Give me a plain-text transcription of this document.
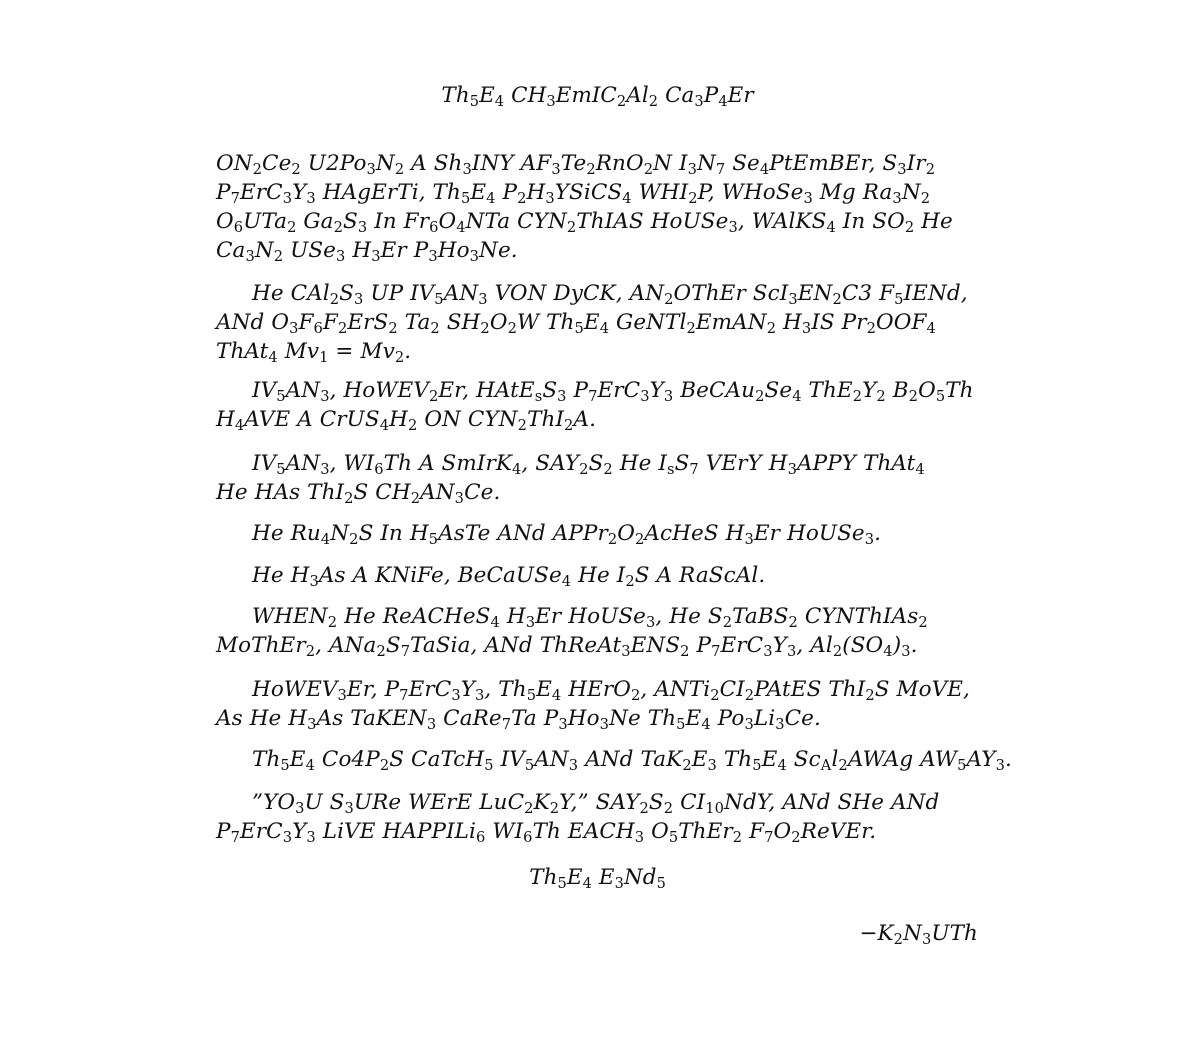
$Th_5E_4$ $CH_3EmIC_2Al_2$ $Ca_3P_4Er$
$ON_2Ce_2$ $U2Po_3N_2$ A $Sh_3INY$ $AF_3Te_2RnO_2N$ $I_3N_7$ $Se_4PtEmBEr$, $S_3Ir_2$
$P_7ErC_3Y_3$ HAgErTi, $Th_5E_4$ $P_2H_3YSiCS_4$ $WHI_2P$, WHoSe$_3$ Mg $Ra_3N_2$
$O_6UTa_2$ $Ga_2S_3$ In $Fr_6O_4NTa$ $CYN_2ThIAS$ HoUSe$_3$, WAlKS$_4$ In $SO_2$ He
$Ca_3N_2$ USe$_3$ $H_3Er$ $P_3Ho_3Ne$.
He $CAl_2S_3$ UP $IV_5AN_3$ VON DyCK, $AN_2OThEr$ $ScI_3EN_2C3$ $F_5IENd$,
ANd $O_3F_6F_2ErS_2$ $Ta_2$ $SH_2O_2W$ $Th_5E_4$ GeNTl$_2$EmAN$_2$ $H_3IS$ $Pr_2OOF_4$
ThAt$_4$ $Mv_1 = Mv_2$.
$IV_5AN_3$, HoWEV$_2$Er, $HAtE_sS_3$ $P_7ErC_3Y_3$ $BeCAu_2Se_4$ $ThE_2Y_2$ $B_2O_5Th$
$H_4AVE$ A $CrUS_4H_2$ ON $CYN_2ThI_2A$.
$IV_5AN_3$, $WI_6Th$ A SmIrK$_4$, $SAY_2S_2$ He $I_sS_7$ VErY $H_3APPY$ ThAt$_4$
He HAs ThI$_2$S $CH_2AN_3Ce$.
He $Ru_4N_2S$ In $H_5AsTe$ ANd $APPr_2O_2AcHeS$ $H_3Er$ HoUSe$_3$.
He $H_3As$ A KNiFe, BeCaUSe$_4$ He $I_2S$ A RaScAl.
$WHEN_2$ He ReACHeS$_4$ $H_3Er$ HoUSe$_3$, He $S_2TaBS_2$ CYNThIAs$_2$
MoThEr$_2$, $ANa_2S_7TaSia$, ANd $ThReAt_3ENS_2$ $P_7ErC_3Y_3$, $Al_2(SO_4)_3$.
HoWEV$_3$Er, $P_7ErC_3Y_3$, $Th_5E_4$ HErO$_2$, $ANTi_2CI_2PAtES$ ThI$_2$S MoVE,
As He $H_3As$ TaKEN$_3$ CaRe$_7$Ta $P_3Ho_3Ne$ $Th_5E_4$ $Po_3Li_3Ce$.
$Th_5E_4$ $Co4P_2S$ CaTcH$_5$ $IV_5AN_3$ ANd $TaK_2E_3$ $Th_5E_4$ $Sc_Al_2AWAg$ $AW_5AY_3$.
$”YO_3U$ $S_3URe$ WErE $LuC_2K_2Y$,” $SAY_2S_2$ $CI_{10}NdY$, ANd SHe ANd
$P_7ErC_3Y_3$ LiVE HAPPILi$_6$ $WI_6Th$ $EACH_3$ $O_5ThEr_2$ $F_7O_2ReVEr$.
$Th_5E_4$ $E_3Nd_5$
$-K_2N_3UTh$
